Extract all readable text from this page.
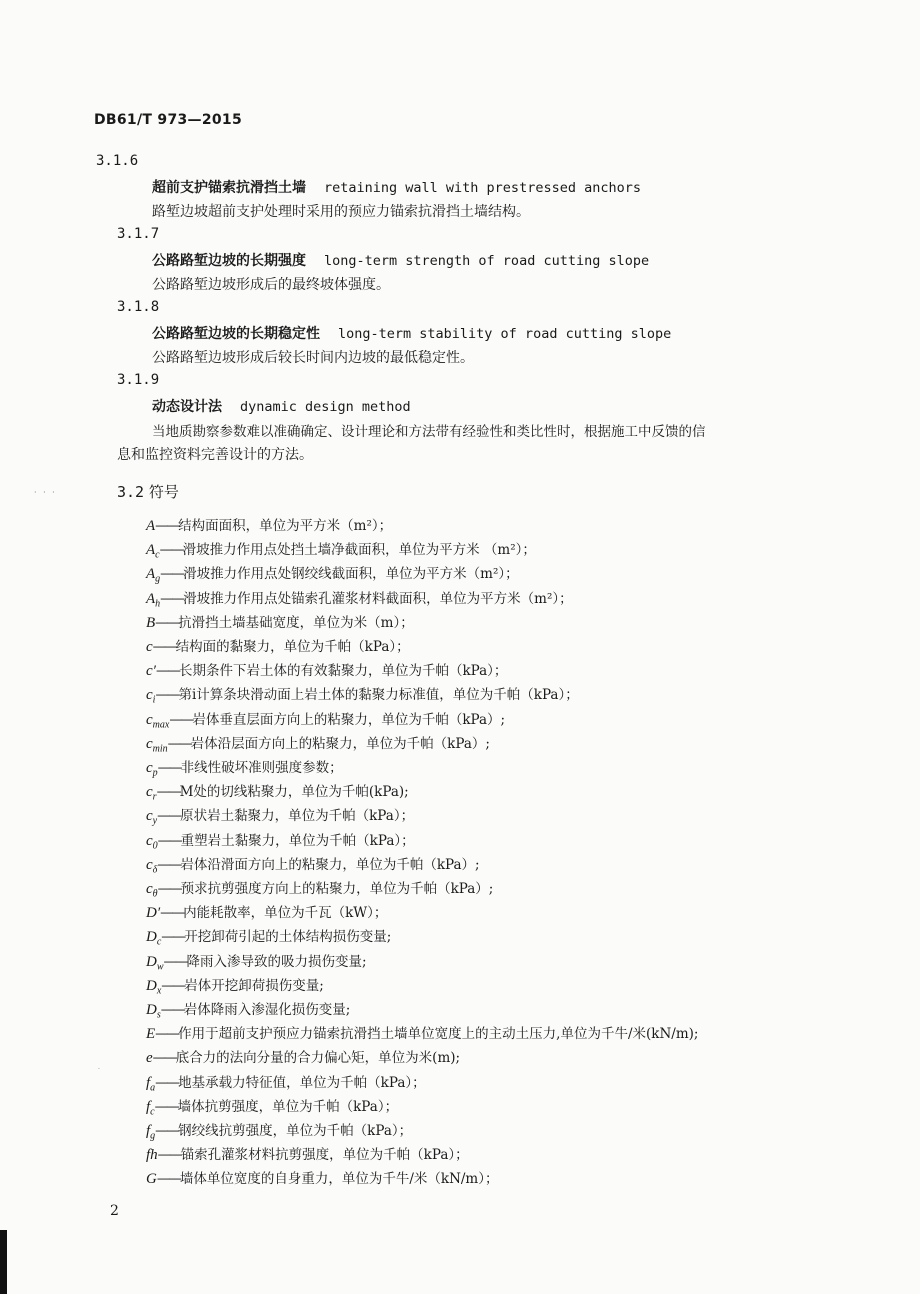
DB61/T 973—2015
3.1.6
超前支护锚索抗滑挡土墙 retaining wall with prestressed anchors
路堑边坡超前支护处理时采用的预应力锚索抗滑挡土墙结构。
3.1.7
公路路堑边坡的长期强度 long-term strength of road cutting slope
公路路堑边坡形成后的最终坡体强度。
3.1.8
公路路堑边坡的长期稳定性 long-term stability of road cutting slope
公路路堑边坡形成后较长时间内边坡的最低稳定性。
3.1.9
动态设计法 dynamic design method
当地质勘察参数难以准确确定、设计理论和方法带有经验性和类比性时，根据施工中反馈的信
息和监控资料完善设计的方法。
· · ·	3.2 符号
A——结构面面积，单位为平方米（m²）；
$A_c——$滑坡推力作用点处挡土墙净截面积，单位为平方米 （m²）；
$A_g——$滑坡推力作用点处钢绞线截面积，单位为平方米（m²）；
$A_h——$滑坡推力作用点处锚索孔灌浆材料截面积，单位为平方米（m²）；
B——抗滑挡土墙基础宽度，单位为米（m）；
c——结构面的黏聚力，单位为千帕（kPa）；
c′——长期条件下岩土体的有效黏聚力，单位为千帕（kPa）；
$c_i——$第i计算条块滑动面上岩土体的黏聚力标准值，单位为千帕（kPa）；
$c_{max}——$岩体垂直层面方向上的粘聚力，单位为千帕（kPa）;
$c_{min}——$岩体沿层面方向上的粘聚力，单位为千帕（kPa）;
$c_p——$非线性破坏准则强度参数；
$c_r——M$处的切线粘聚力，单位为千帕(kPa);
$c_y——$原状岩土黏聚力，单位为千帕（kPa）；
$c_0——$重塑岩土黏聚力，单位为千帕（kPa）；
$c_\delta——$岩体沿滑面方向上的粘聚力，单位为千帕（kPa）;
$c_\theta——$预求抗剪强度方向上的粘聚力，单位为千帕（kPa）;
D′——内能耗散率，单位为千瓦（kW）；
$D_c——$开挖卸荷引起的土体结构损伤变量;
$D_w——$降雨入渗导致的吸力损伤变量;
$D_x——$岩体开挖卸荷损伤变量;
$D_s——$岩体降雨入渗湿化损伤变量;
E——作用于超前支护预应力锚索抗滑挡土墙单位宽度上的主动土压力,单位为千牛/米(kN/m);
e——底合力的法向分量的合力偏心矩，单位为米(m);
$f_a——$地基承载力特征值，单位为千帕（kPa）；
$f_c——$墙体抗剪强度，单位为千帕（kPa）；
$f_g——$钢绞线抗剪强度，单位为千帕（kPa）；
fh——锚索孔灌浆材料抗剪强度，单位为千帕（kPa）；
G——墙体单位宽度的自身重力，单位为千牛/米（kN/m）；
·
2
